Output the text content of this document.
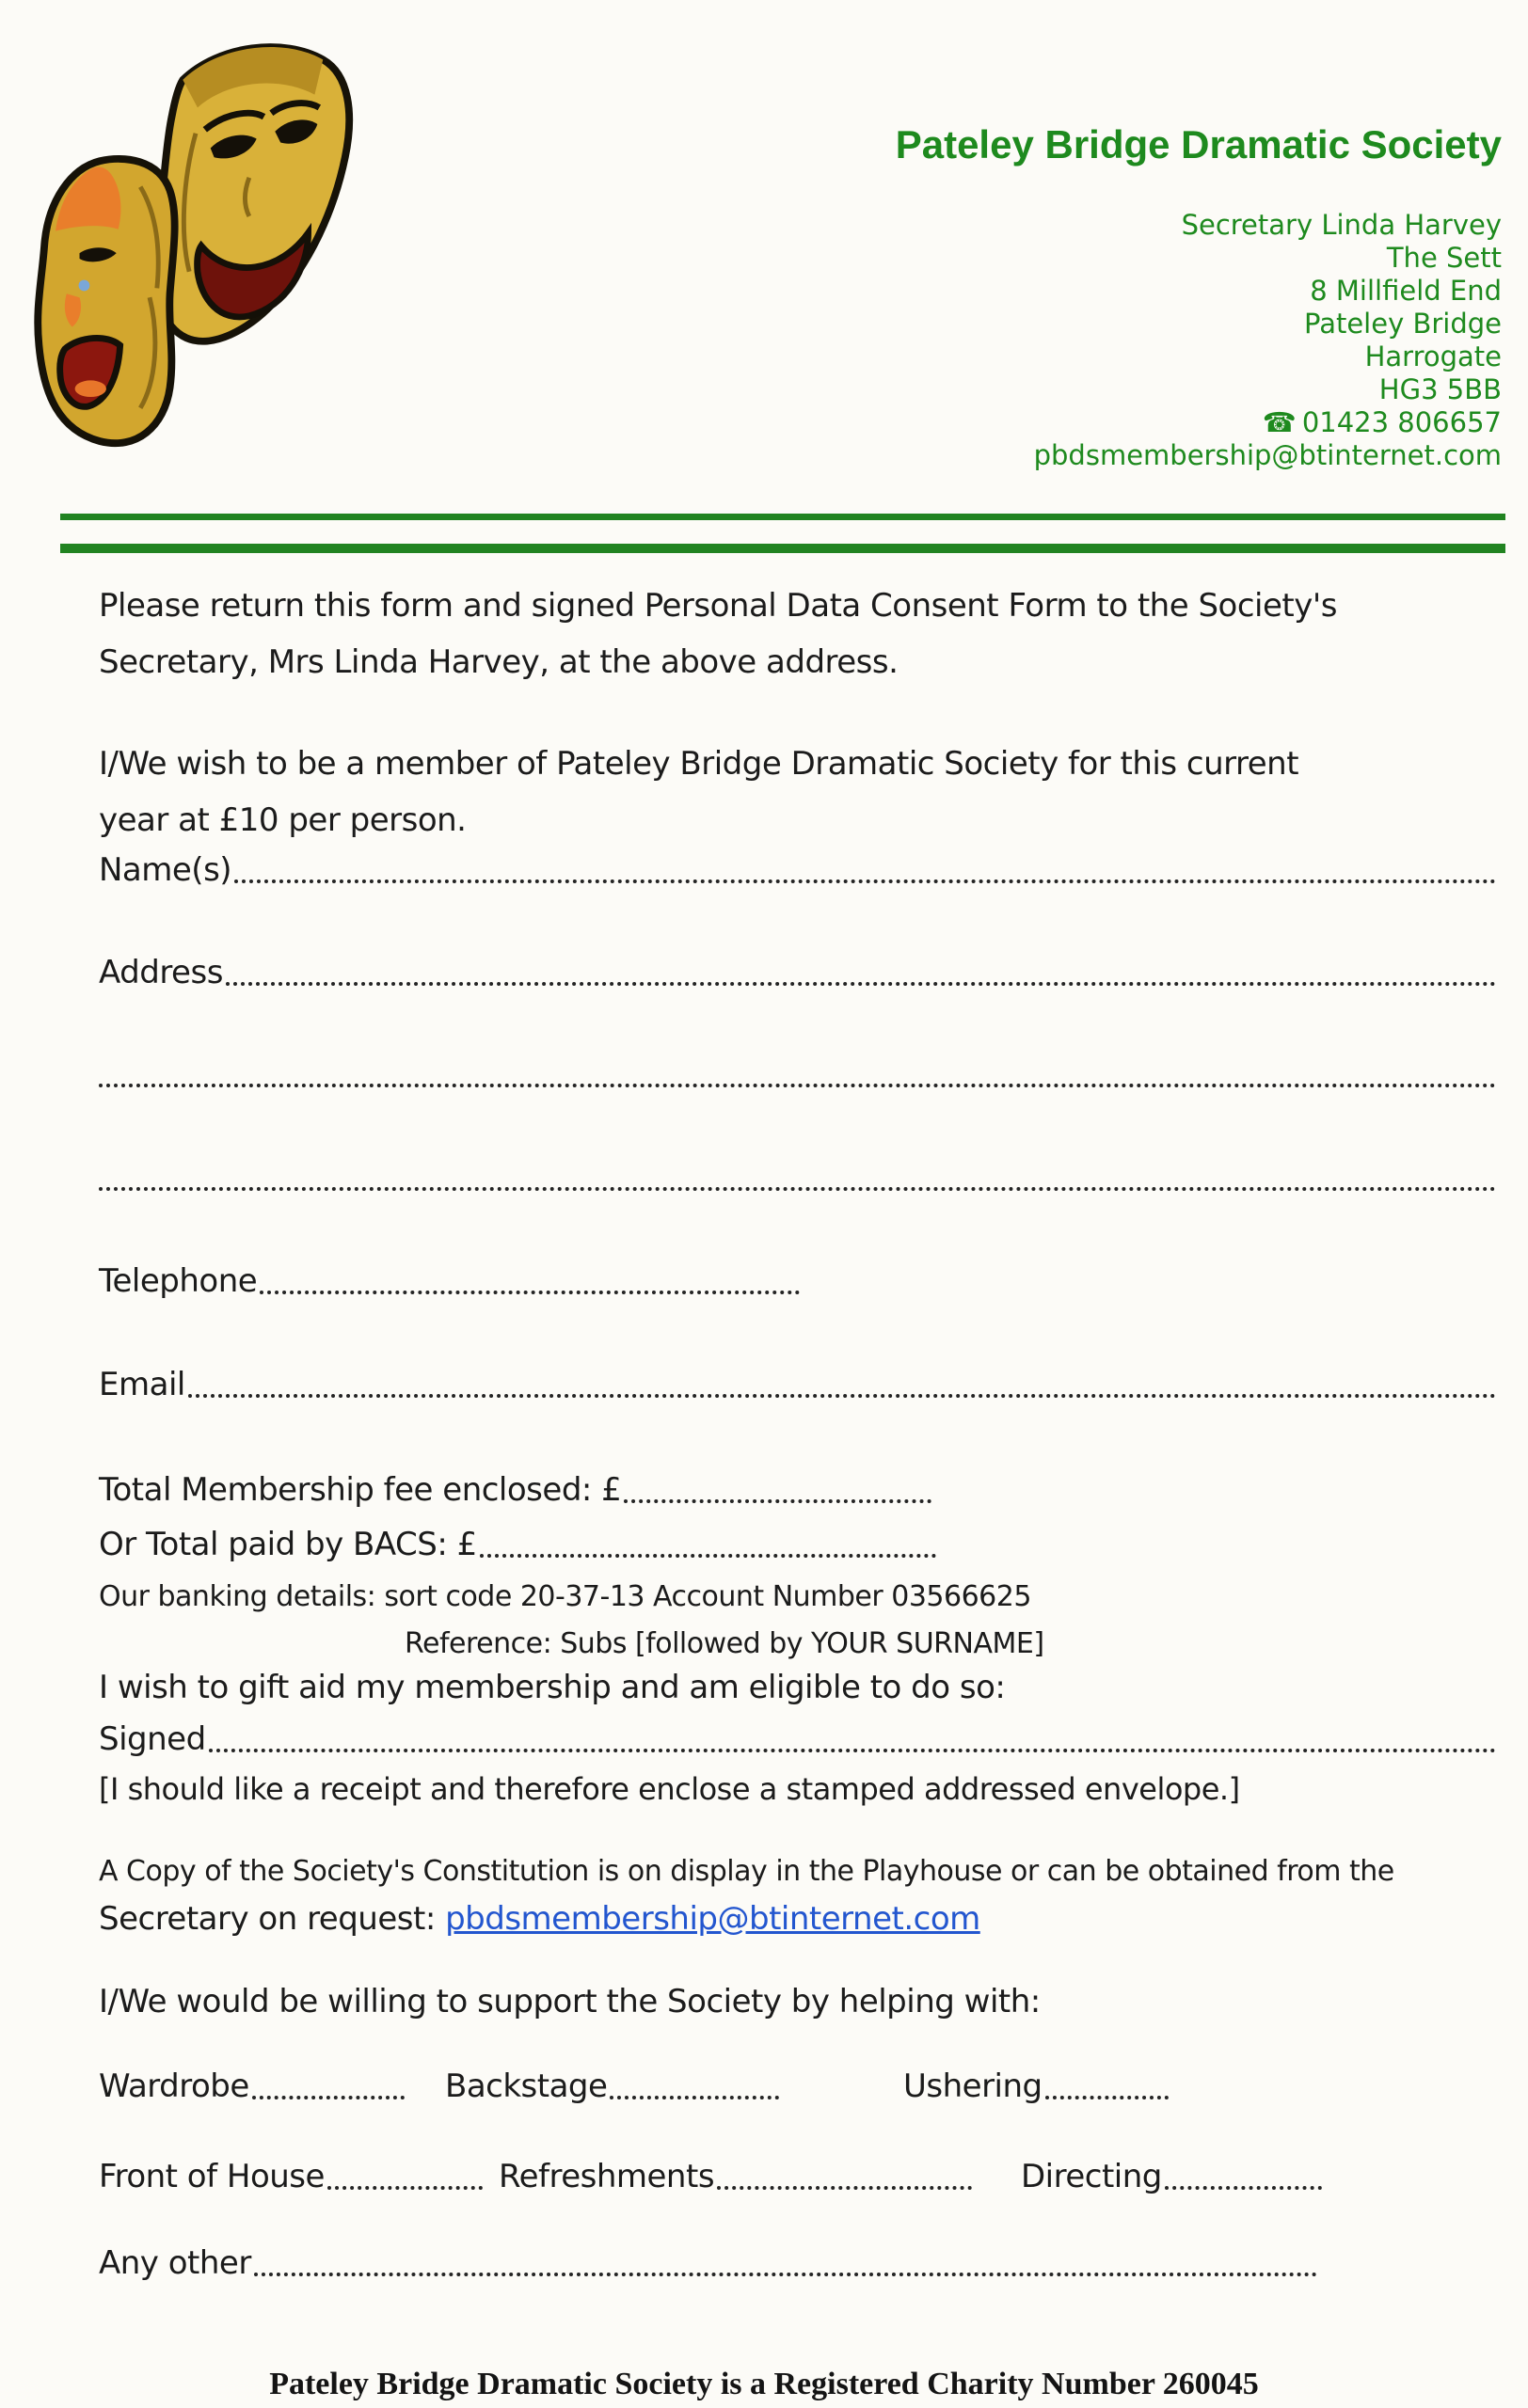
Pateley Bridge Dramatic Society
Secretary Linda Harvey
The Sett
8 Millfield End
Pateley Bridge
Harrogate
HG3 5BB
☎ 01423 806657
pbdsmembership@btinternet.com
Please return this form and signed Personal Data Consent Form to the Society's
Secretary, Mrs Linda Harvey, at the above address.
I/We wish to be a member of Pateley Bridge Dramatic Society for this current
year at £10 per person.
Name(s)
Address
Telephone
Email
Total Membership fee enclosed: £
Or Total paid by BACS: £
Our banking details: sort code 20-37-13 Account Number 03566625
Reference: Subs [followed by YOUR SURNAME]
I wish to gift aid my membership and am eligible to do so:
Signed
[I should like a receipt and therefore enclose a stamped addressed envelope.]
A Copy of the Society's Constitution is on display in the Playhouse or can be obtained from the
Secretary on request: pbdsmembership@btinternet.com
I/We would be willing to support the Society by helping with:
Wardrobe	Backstage	Ushering
Front of House	Refreshments	Directing
Any other
Pateley Bridge Dramatic Society is a Registered Charity Number 260045
